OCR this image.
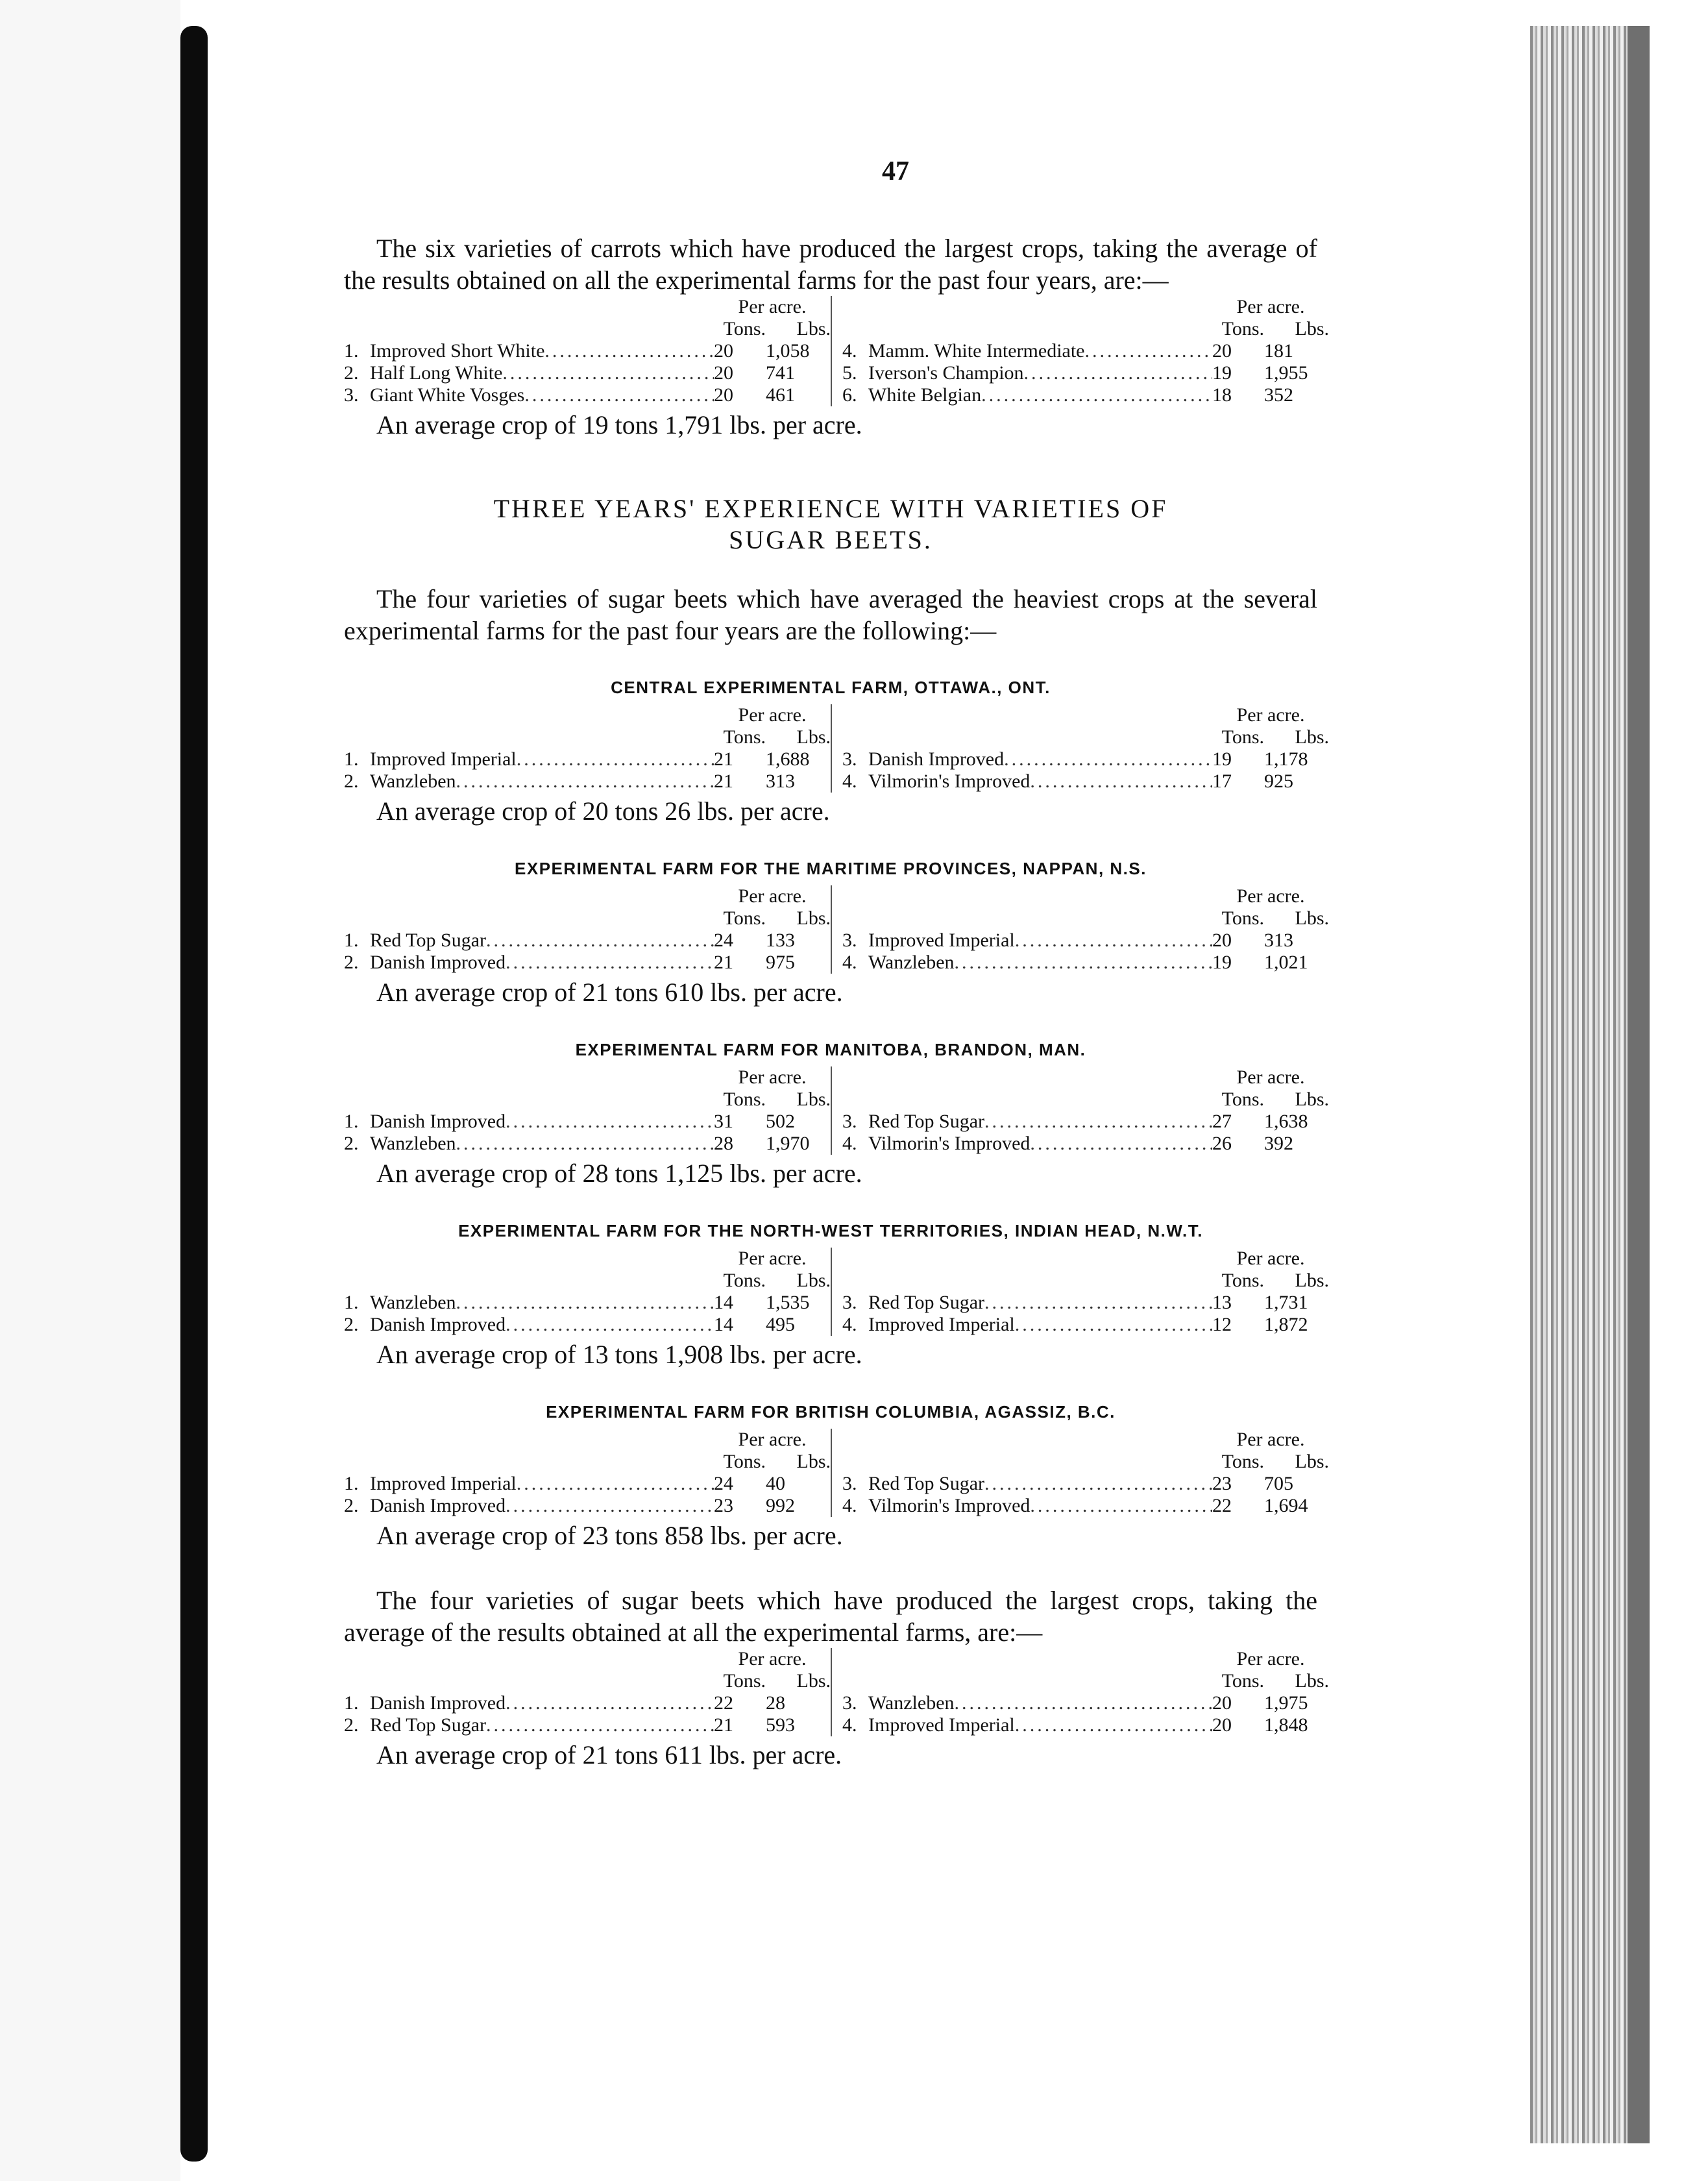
47

The six varieties of carrots which have produced the largest crops, taking the average of the results obtained on all the experimental farms for the past four years, are:—

Per acre.
Tons.	Lbs.
1. Improved Short White .....	20	1,058
2. Half Long White .....	20	741
3. Giant White Vosges .....	20	461
Per acre.
Tons.	Lbs.
4. Mamm. White Intermediate .....	20	181
5. Iverson's Champion .....	19	1,955
6. White Belgian .....	18	352
An average crop of 19 tons 1,791 lbs. per acre.
THREE YEARS' EXPERIENCE WITH VARIETIES OF
SUGAR BEETS.

The four varieties of sugar beets which have averaged the heaviest crops at the several experimental farms for the past four years are the following:—

CENTRAL EXPERIMENTAL FARM, OTTAWA., ONT.
Per acre.
Tons.	Lbs.
1. Improved Imperial .....	21	1,688
2. Wanzleben .....	21	313
Per acre.
Tons.	Lbs.
3. Danish Improved .....	19	1,178
4. Vilmorin's Improved .....	17	925
An average crop of 20 tons 26 lbs. per acre.
EXPERIMENTAL FARM FOR THE MARITIME PROVINCES, NAPPAN, N.S.
Per acre.
Tons.	Lbs.
1. Red Top Sugar .....	24	133
2. Danish Improved .....	21	975
Per acre.
Tons.	Lbs.
3. Improved Imperial .....	20	313
4. Wanzleben .....	19	1,021
An average crop of 21 tons 610 lbs. per acre.
EXPERIMENTAL FARM FOR MANITOBA, BRANDON, MAN.
Per acre.
Tons.	Lbs.
1. Danish Improved .....	31	502
2. Wanzleben .....	28	1,970
Per acre.
Tons.	Lbs.
3. Red Top Sugar .....	27	1,638
4. Vilmorin's Improved .....	26	392
An average crop of 28 tons 1,125 lbs. per acre.
EXPERIMENTAL FARM FOR THE NORTH-WEST TERRITORIES, INDIAN HEAD, N.W.T.
Per acre.
Tons.	Lbs.
1. Wanzleben .....	14	1,535
2. Danish Improved .....	14	495
Per acre.
Tons.	Lbs.
3. Red Top Sugar .....	13	1,731
4. Improved Imperial .....	12	1,872
An average crop of 13 tons 1,908 lbs. per acre.
EXPERIMENTAL FARM FOR BRITISH COLUMBIA, AGASSIZ, B.C.
Per acre.
Tons.	Lbs.
1. Improved Imperial .....	24	40
2. Danish Improved .....	23	992
Per acre.
Tons.	Lbs.
3. Red Top Sugar .....	23	705
4. Vilmorin's Improved .....	22	1,694
An average crop of 23 tons 858 lbs. per acre.

The four varieties of sugar beets which have produced the largest crops, taking the average of the results obtained at all the experimental farms, are:—

Per acre.
Tons.	Lbs.
1. Danish Improved .....	22	28
2. Red Top Sugar .....	21	593
Per acre.
Tons.	Lbs.
3. Wanzleben .....	20	1,975
4. Improved Imperial .....	20	1,848
An average crop of 21 tons 611 lbs. per acre.
